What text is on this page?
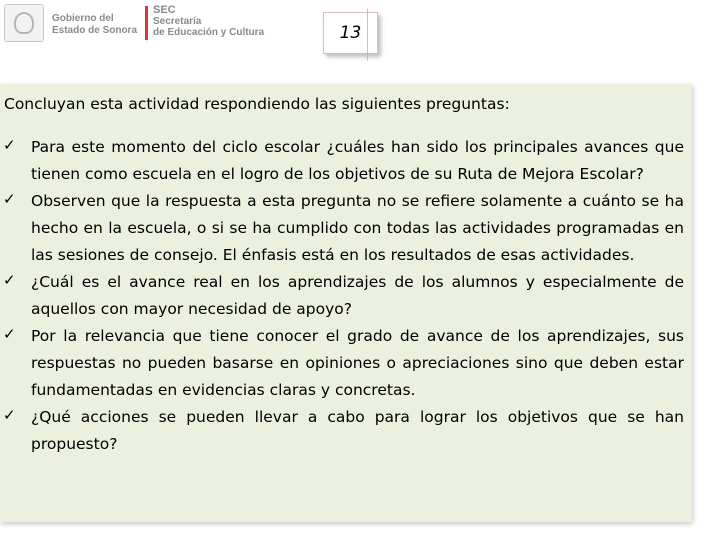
Gobierno del
Estado de Sonora
SEC
Secretaría
de Educación y Cultura	13
Concluyan esta actividad respondiendo las siguientes preguntas:
✓ Para este momento del ciclo escolar ¿cuáles han sido los principales avances que tienen como escuela en el logro de los objetivos de su Ruta de Mejora Escolar?
✓ Observen que la respuesta a esta pregunta no se refiere solamente a cuánto se ha hecho en la escuela, o si se ha cumplido con todas las actividades programadas en las sesiones de consejo. El énfasis está en los resultados de esas actividades.
✓ ¿Cuál es el avance real en los aprendizajes de los alumnos y especialmente de aquellos con mayor necesidad de apoyo?
✓ Por la relevancia que tiene conocer el grado de avance de los aprendizajes, sus respuestas no pueden basarse en opiniones o apreciaciones sino que deben estar fundamentadas en evidencias claras y concretas.
✓ ¿Qué acciones se pueden llevar a cabo para lograr los objetivos que se han propuesto?
